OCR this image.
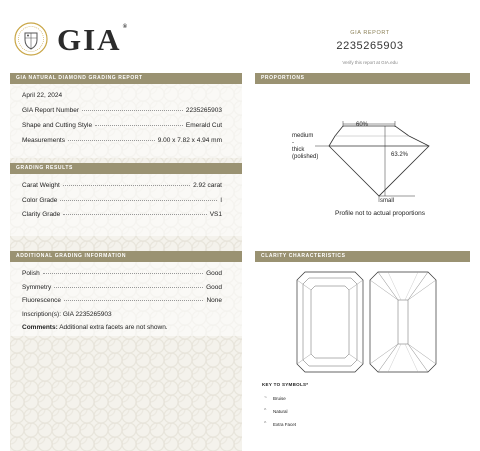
GIA®
GIA REPORT
2235265903
Verify this report at GIA.edu
GIA NATURAL DIAMOND GRADING REPORT
April 22, 2024
GIA Report Number	2235265903
Shape and Cutting Style	Emerald Cut
Measurements	9.00 x 7.82 x 4.94 mm
GRADING RESULTS
Carat Weight	2.92 carat
Color Grade	I
Clarity Grade	VS1
ADDITIONAL GRADING INFORMATION
Polish	Good
Symmetry	Good
Fluorescence	None
Inscription(s): GIA 2235265903
Comments: Additional extra facets are not shown.
PROPORTIONS
60%
63.2%
medium
-
thick
(polished)
small
Profile not to actual proportions
CLARITY CHARACTERISTICS
KEY TO SYMBOLS*
~	Bruise
^	Natural
^	Extra Facet
